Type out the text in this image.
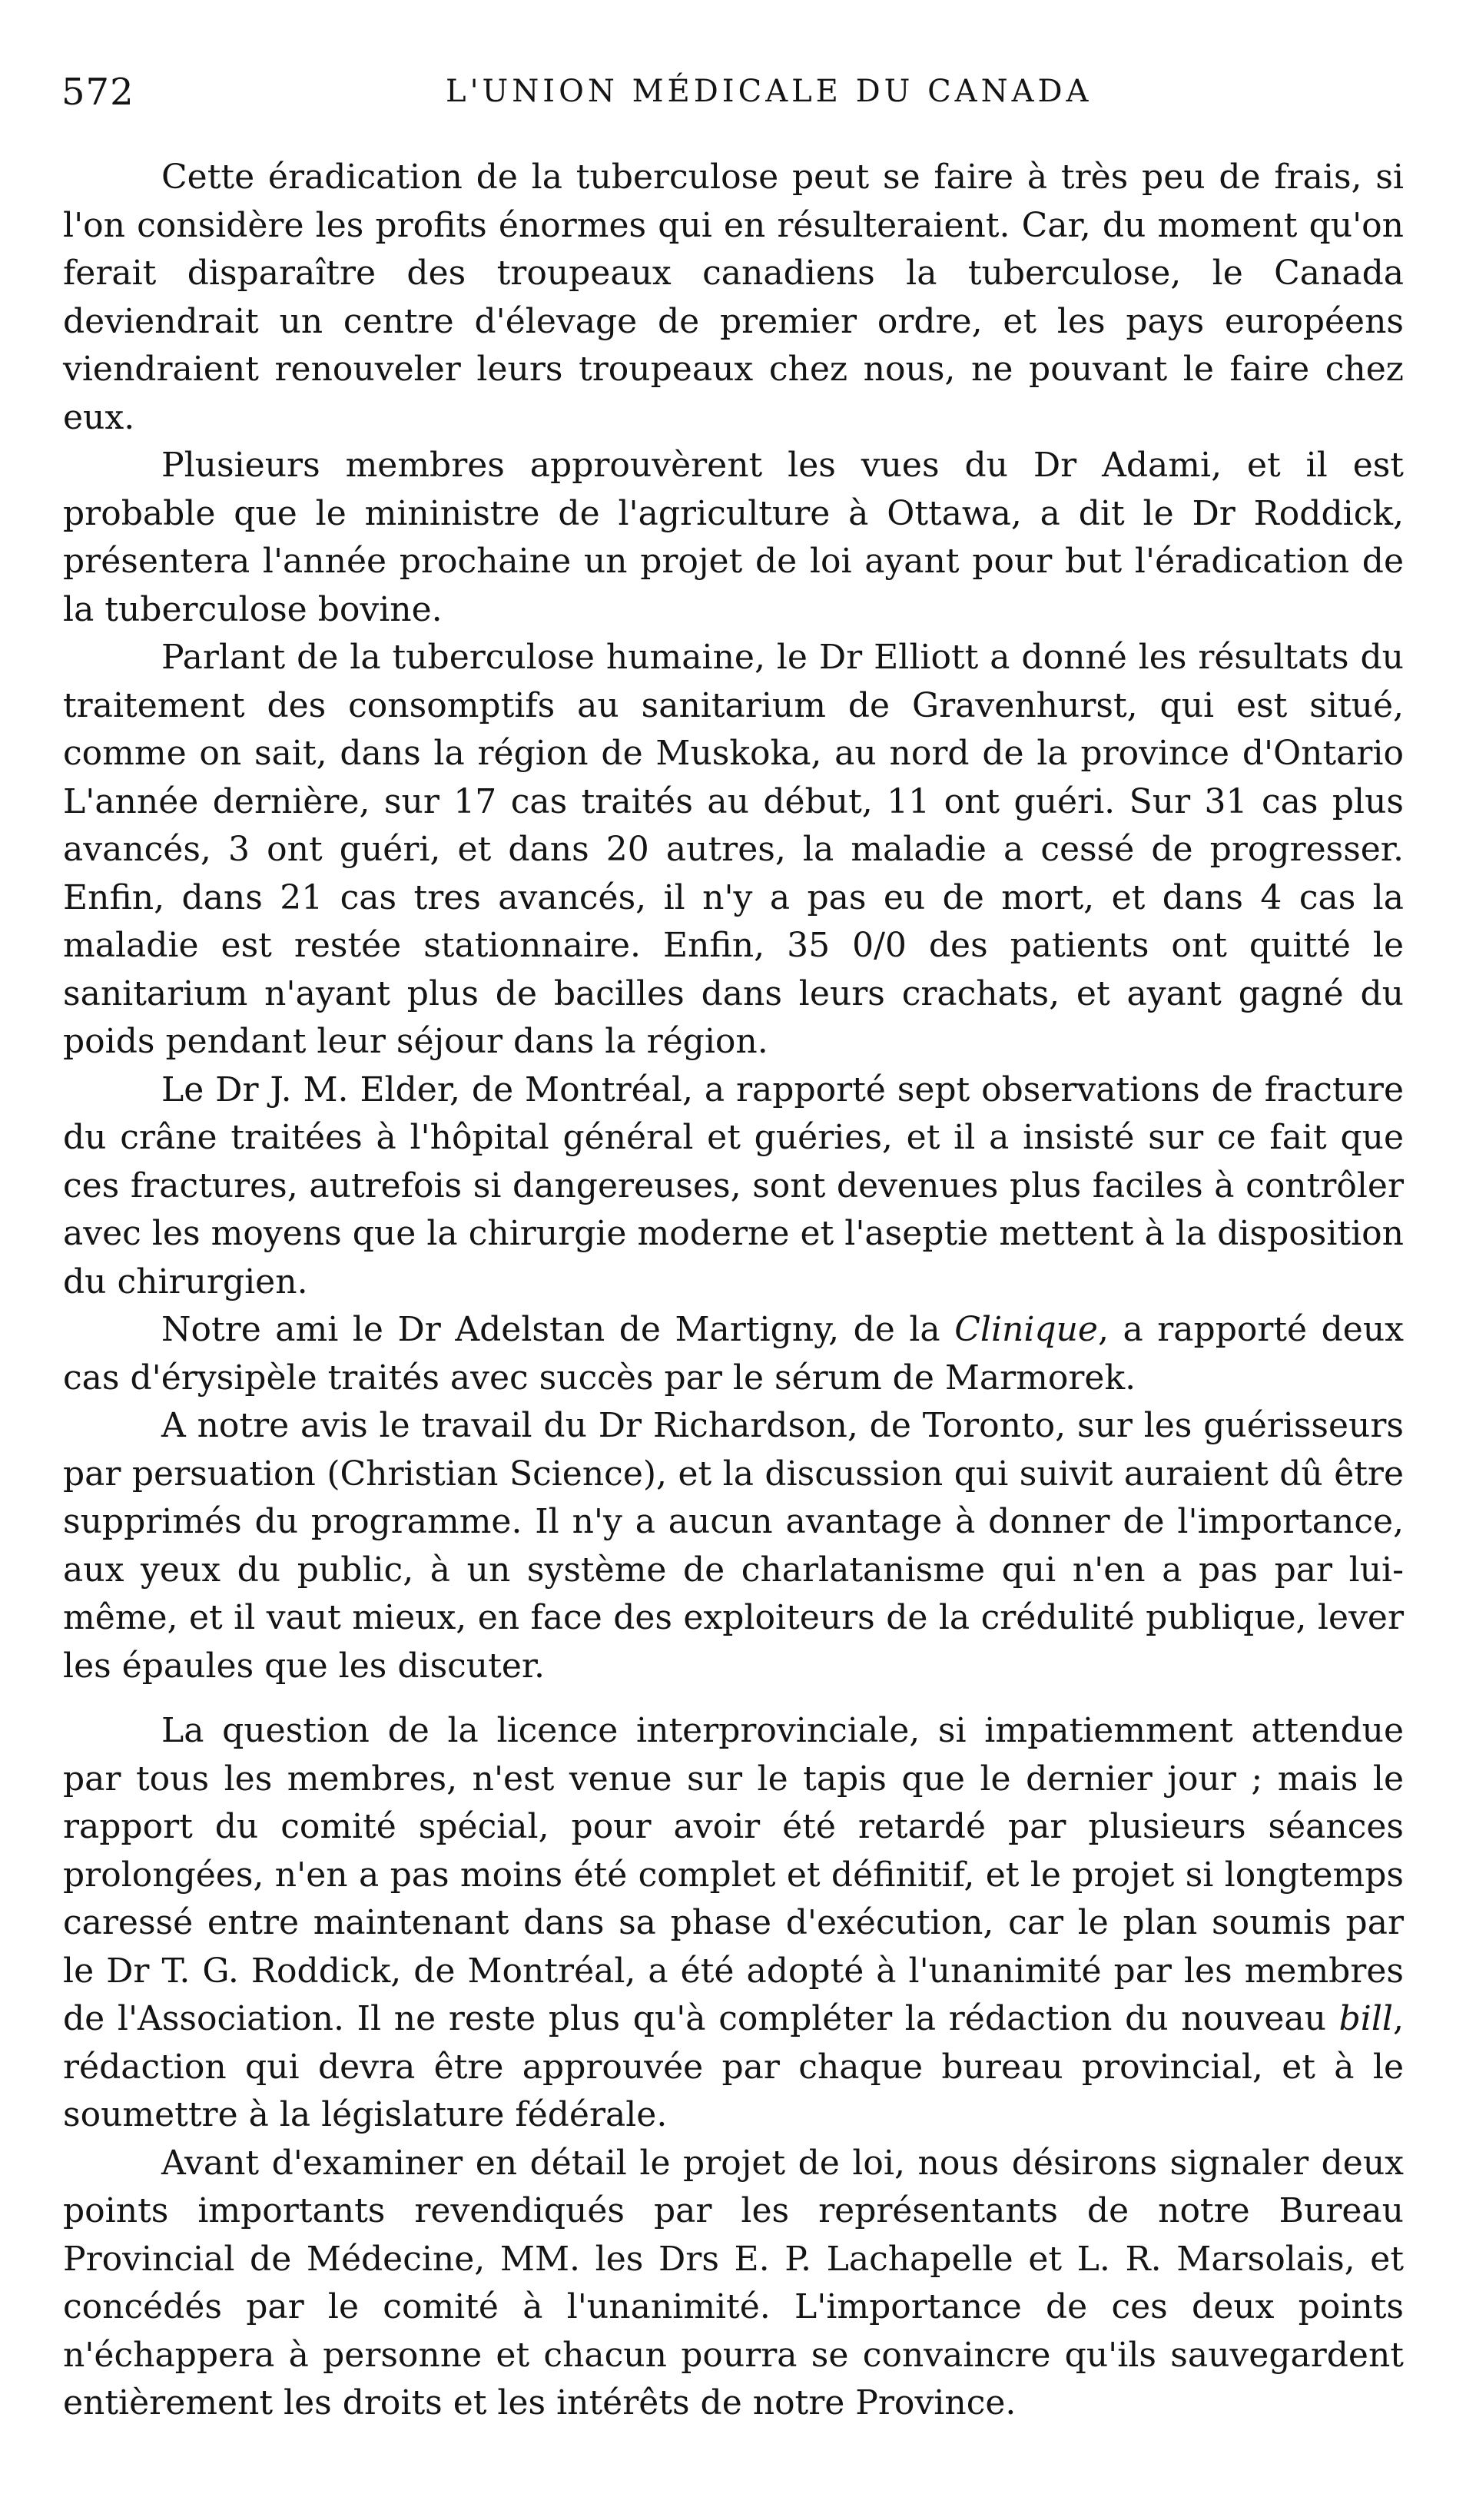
572	L'UNION MÉDICALE DU CANADA

Cette éradication de la tuberculose peut se faire à très peu de frais, si l'on considère les profits énormes qui en résulteraient. Car, du moment qu'on ferait disparaître des troupeaux canadiens la tuberculose, le Canada deviendrait un centre d'élevage de premier ordre, et les pays européens viendraient renouveler leurs troupeaux chez nous, ne pouvant le faire chez eux.

Plusieurs membres approuvèrent les vues du Dr Adami, et il est probable que le mininistre de l'agriculture à Ottawa, a dit le Dr Roddick, présentera l'année prochaine un projet de loi ayant pour but l'éradication de la tuberculose bovine.

Parlant de la tuberculose humaine, le Dr Elliott a donné les résultats du traitement des consomptifs au sanitarium de Gravenhurst, qui est situé, comme on sait, dans la région de Muskoka, au nord de la province d'Ontario L'année dernière, sur 17 cas traités au début, 11 ont guéri. Sur 31 cas plus avancés, 3 ont guéri, et dans 20 autres, la maladie a cessé de progresser. Enfin, dans 21 cas tres avancés, il n'y a pas eu de mort, et dans 4 cas la maladie est restée stationnaire. Enfin, 35 0/0 des patients ont quitté le sanitarium n'ayant plus de bacilles dans leurs crachats, et ayant gagné du poids pendant leur séjour dans la région.

Le Dr J. M. Elder, de Montréal, a rapporté sept observations de fracture du crâne traitées à l'hôpital général et guéries, et il a insisté sur ce fait que ces fractures, autrefois si dangereuses, sont devenues plus faciles à contrôler avec les moyens que la chirurgie moderne et l'aseptie mettent à la disposition du chirurgien.

Notre ami le Dr Adelstan de Martigny, de la Clinique, a rapporté deux cas d'érysipèle traités avec succès par le sérum de Marmorek.

A notre avis le travail du Dr Richardson, de Toronto, sur les guérisseurs par persuation (Christian Science), et la discussion qui suivit auraient dû être supprimés du programme. Il n'y a aucun avantage à donner de l'importance, aux yeux du public, à un système de charlatanisme qui n'en a pas par lui-même, et il vaut mieux, en face des exploiteurs de la crédulité publique, lever les épaules que les discuter.

La question de la licence interprovinciale, si impatiemment attendue par tous les membres, n'est venue sur le tapis que le dernier jour ; mais le rapport du comité spécial, pour avoir été retardé par plusieurs séances prolongées, n'en a pas moins été complet et définitif, et le projet si longtemps caressé entre maintenant dans sa phase d'exécution, car le plan soumis par le Dr T. G. Roddick, de Montréal, a été adopté à l'unanimité par les membres de l'Association. Il ne reste plus qu'à compléter la rédaction du nouveau bill, rédaction qui devra être approuvée par chaque bureau provincial, et à le soumettre à la législature fédérale.

Avant d'examiner en détail le projet de loi, nous désirons signaler deux points importants revendiqués par les représentants de notre Bureau Provincial de Médecine, MM. les Drs E. P. Lachapelle et L. R. Marsolais, et concédés par le comité à l'unanimité. L'importance de ces deux points n'échappera à personne et chacun pourra se convaincre qu'ils sauvegardent entièrement les droits et les intérêts de notre Province.
